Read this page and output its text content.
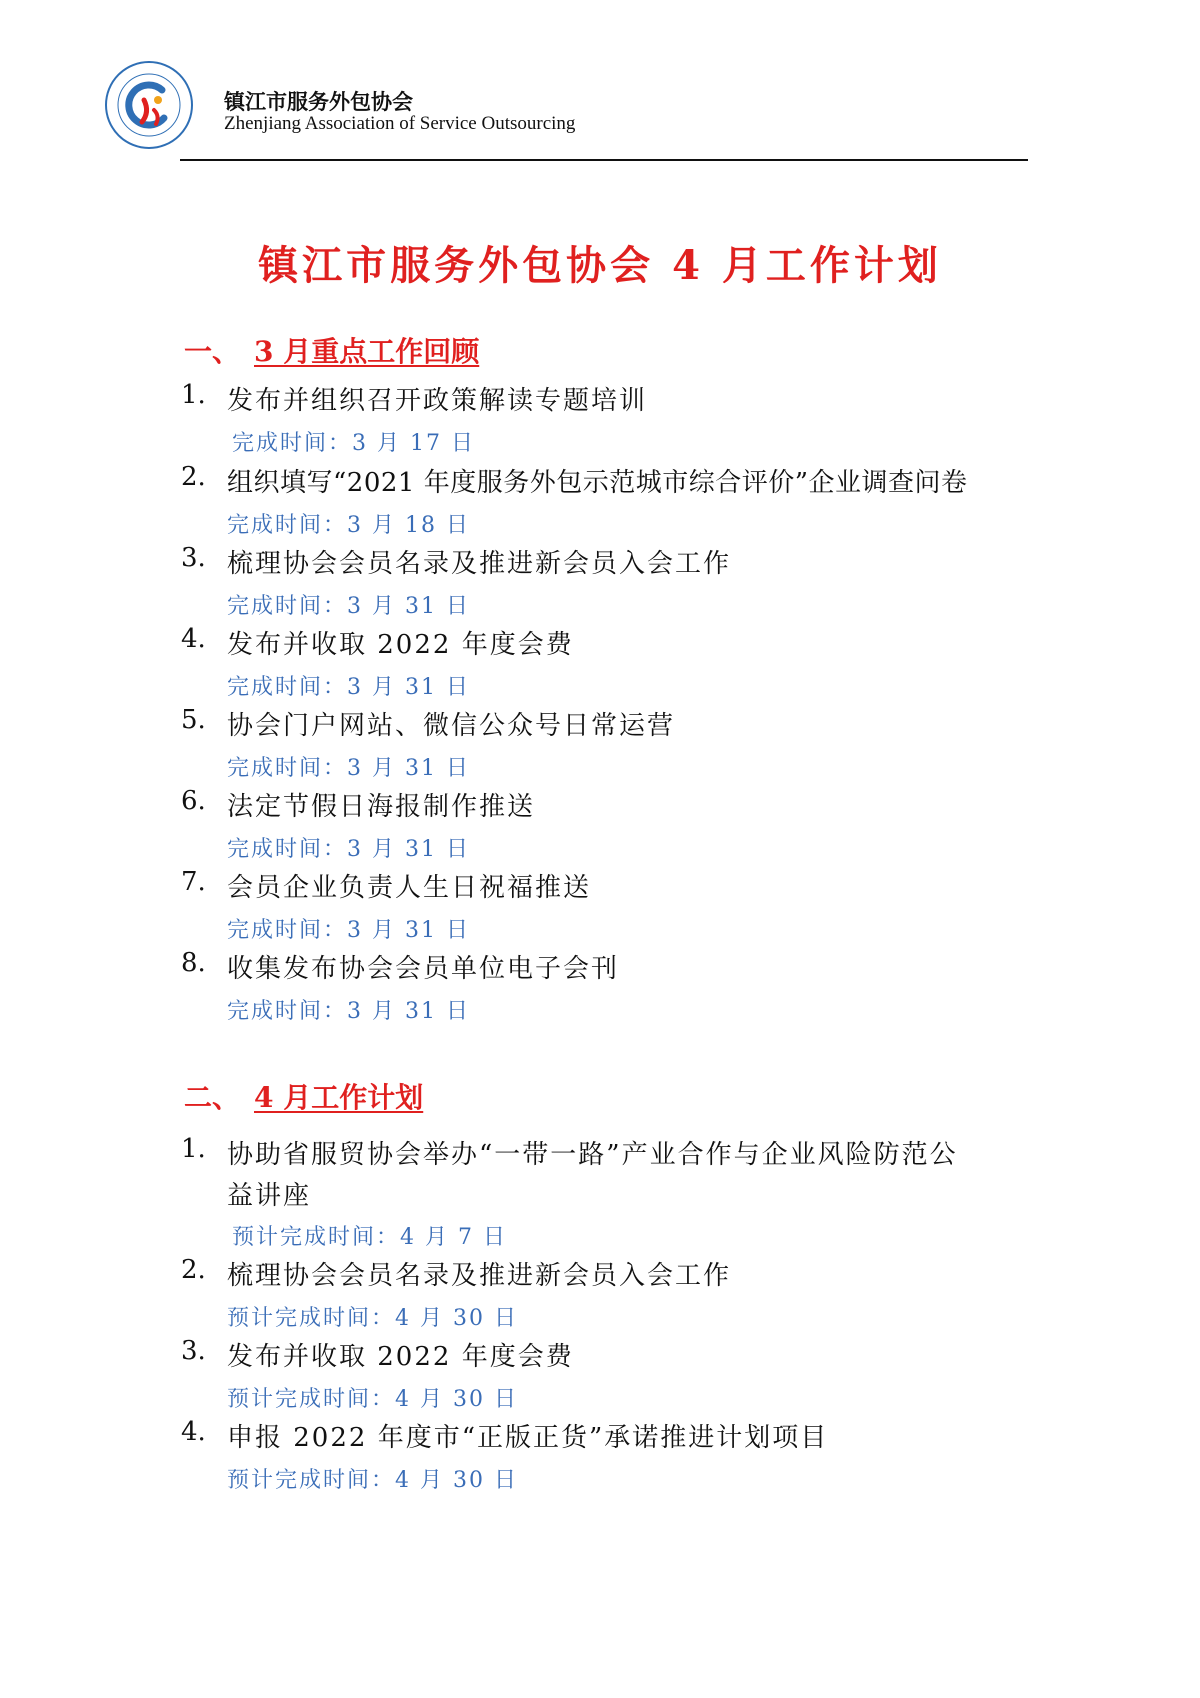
镇江市服务外包协会
Zhenjiang Association of Service Outsourcing
镇江市服务外包协会 4 月工作计划
一、 3 月重点工作回顾
1. 发布并组织召开政策解读专题培训
完成时间：3 月 17 日
2. 组织填写“2021 年度服务外包示范城市综合评价”企业调查问卷
完成时间：3 月 18 日
3. 梳理协会会员名录及推进新会员入会工作
完成时间：3 月 31 日
4. 发布并收取 2022 年度会费
完成时间：3 月 31 日
5. 协会门户网站、微信公众号日常运营
完成时间：3 月 31 日
6. 法定节假日海报制作推送
完成时间：3 月 31 日
7. 会员企业负责人生日祝福推送
完成时间：3 月 31 日
8. 收集发布协会会员单位电子会刊
完成时间：3 月 31 日
二、 4 月工作计划
1. 协助省服贸协会举办“一带一路”产业合作与企业风险防范公
益讲座
预计完成时间：4 月 7 日
2. 梳理协会会员名录及推进新会员入会工作
预计完成时间：4 月 30 日
3. 发布并收取 2022 年度会费
预计完成时间：4 月 30 日
4. 申报 2022 年度市“正版正货”承诺推进计划项目
预计完成时间：4 月 30 日
